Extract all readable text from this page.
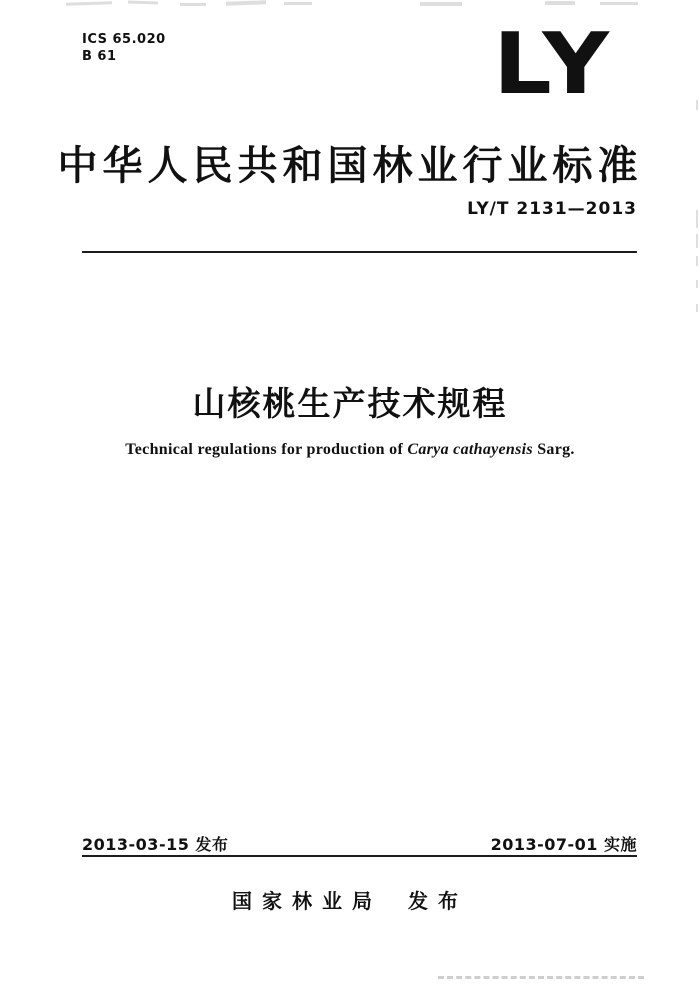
ICS 65.020
B 61	LY
中华人民共和国林业行业标准
LY/T 2131—2013
山核桃生产技术规程
Technical regulations for production of Carya cathayensis Sarg.
2013-03-15 发布	2013-07-01 实施
国家林业局 发布
